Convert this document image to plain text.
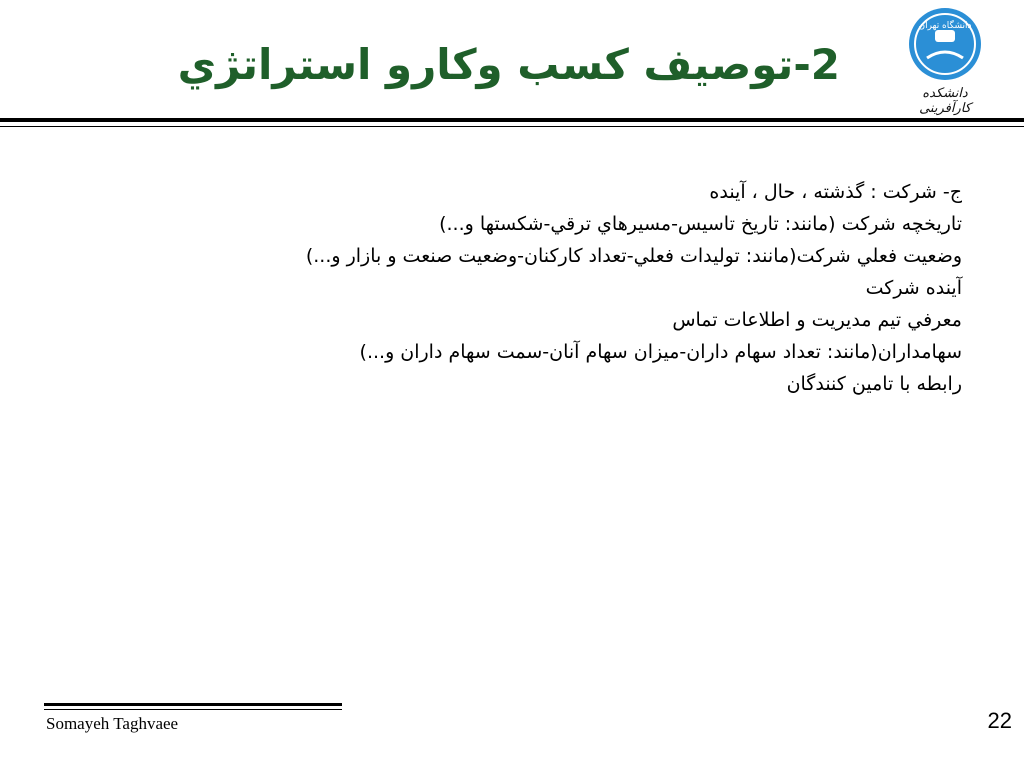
2-توصيف کسب وکارو استراتژي
دانشگاه تهران
دانشکده کارآفرینی
ج- شرکت : گذشته ، حال ، آينده
تاريخچه شرکت (مانند: تاريخ تاسيس-مسيرهاي ترقي-شکستها و...)
وضعيت فعلي شرکت(مانند: توليدات فعلي-تعداد کارکنان-وضعيت صنعت و بازار و...)
آينده شرکت
معرفي تيم مديريت و اطلاعات تماس
سهامداران(مانند: تعداد سهام داران-ميزان سهام آنان-سمت سهام داران و...)
رابطه با تامين کنندگان
Somayeh Taghvaee	22
